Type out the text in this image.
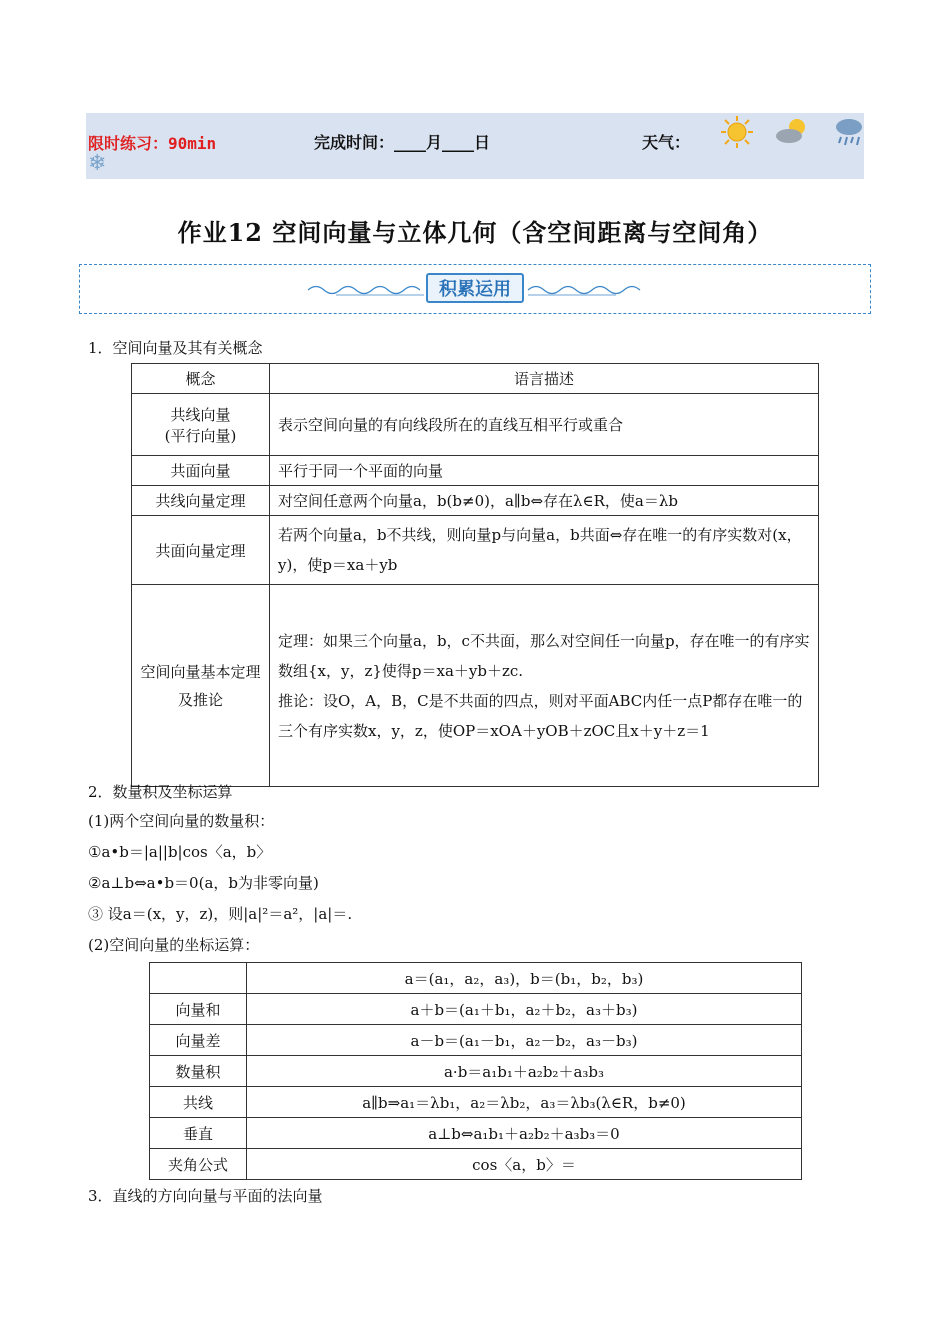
限时练习：90min
❄
完成时间：____月____日	天气：
作业12 空间向量与立体几何（含空间距离与空间角）
积累运用
1．空间向量及其有关概念
概念	语言描述
共线向量
(平行向量)	表示空间向量的有向线段所在的直线互相平行或重合
共面向量	平行于同一个平面的向量
共线向量定理	对空间任意两个向量a，b(b≠0)，a∥b⇔存在λ∈R，使a＝λb
共面向量定理	若两个向量a，b不共线，则向量p与向量a，b共面⇔存在唯一的有序实数对(x，y)，使p＝xa＋yb
空间向量基本定理及推论	定理：如果三个向量a，b，c不共面，那么对空间任一向量p，存在唯一的有序实数组{x，y，z}使得p＝xa＋yb＋zc.
推论：设O，A，B，C是不共面的四点，则对平面ABC内任一点P都存在唯一的三个有序实数x，y，z，使OP＝xOA＋yOB＋zOC且x＋y＋z＝1
2．数量积及坐标运算
(1)两个空间向量的数量积：
①a•b＝|a||b|cos〈a，b〉
②a⊥b⇔a•b＝0(a，b为非零向量)
③ 设a＝(x，y，z)，则|a|²＝a²，|a|＝.
(2)空间向量的坐标运算：
	a＝(a₁，a₂，a₃)，b＝(b₁，b₂，b₃)
向量和	a＋b＝(a₁＋b₁，a₂＋b₂，a₃＋b₃)
向量差	a－b＝(a₁－b₁，a₂－b₂，a₃－b₃)
数量积	a·b＝a₁b₁＋a₂b₂＋a₃b₃
共线	a∥b⇒a₁＝λb₁，a₂＝λb₂，a₃＝λb₃(λ∈R，b≠0)
垂直	a⊥b⇔a₁b₁＋a₂b₂＋a₃b₃＝0
夹角公式	cos〈a，b〉＝
3．直线的方向向量与平面的法向量
